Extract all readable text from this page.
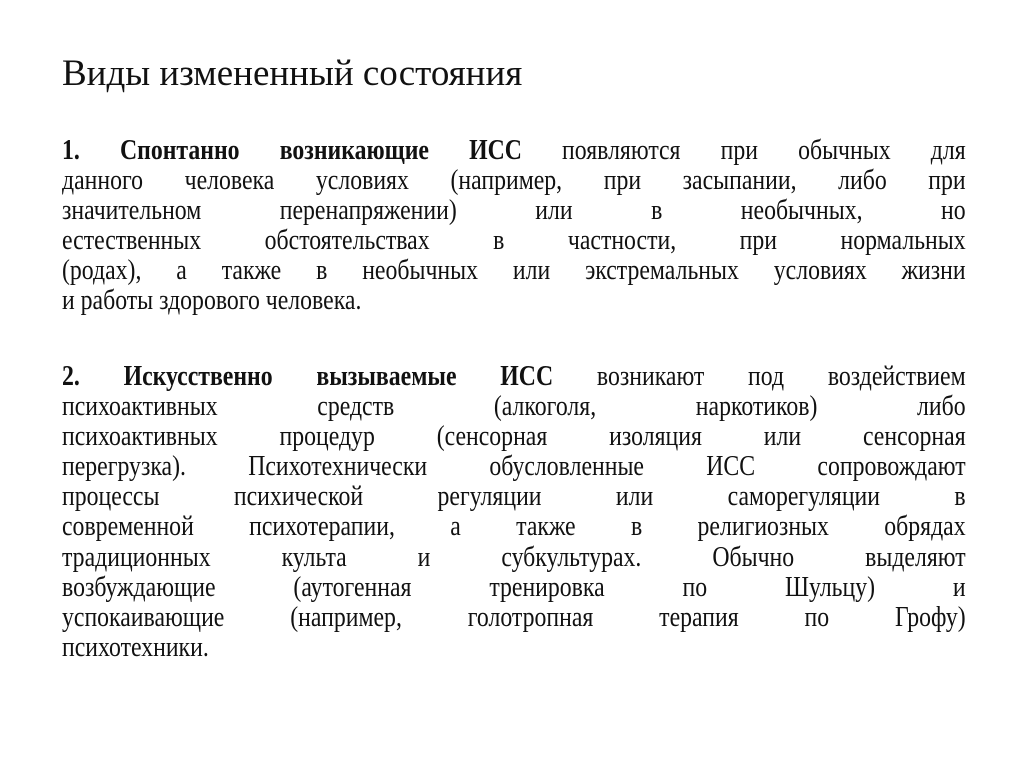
Виды измененный состояния
1. Спонтанно возникающие ИСС появляются при обычных для
данного человека условиях (например, при засыпании, либо при
значительном перенапряжении) или в необычных, но
естественных обстоятельствах в частности, при нормальных
(родах), а также в необычных или экстремальных условиях жизни
и работы здорового человека.
2. Искусственно вызываемые ИСС возникают под воздействием
психоактивных средств (алкоголя, наркотиков) либо
психоактивных процедур (сенсорная изоляция или сенсорная
перегрузка). Психотехнически обусловленные ИСС сопровождают
процессы психической регуляции или саморегуляции в
современной психотерапии, а также в религиозных обрядах
традиционных культа и субкультурах. Обычно выделяют
возбуждающие (аутогенная тренировка по Шульцу) и
успокаивающие (например, голотропная терапия по Грофу)
психотехники.
